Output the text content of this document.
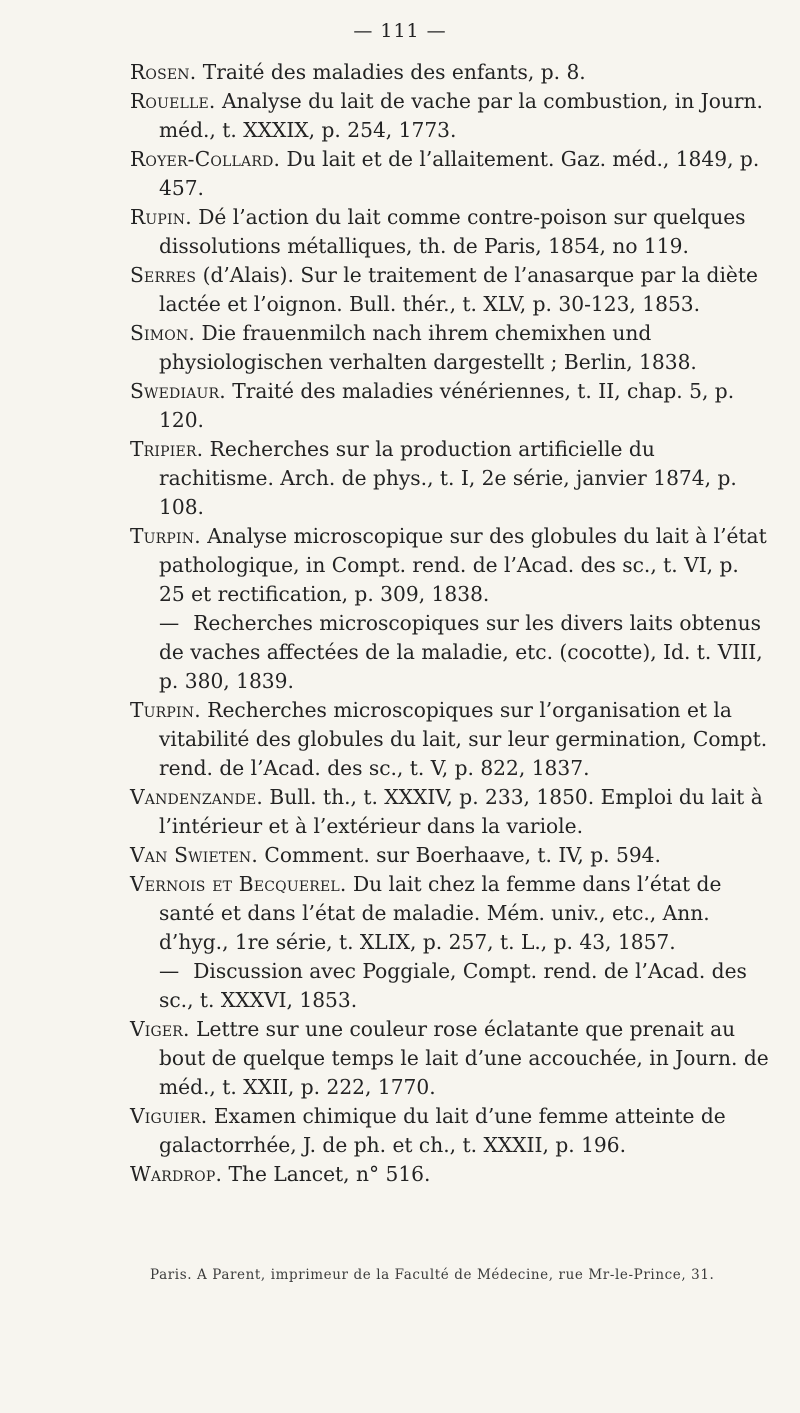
— 111 —

Rosen. Traité des maladies des enfants, p. 8.

Rouelle. Analyse du lait de vache par la combustion, in Journ. méd., t. XXXIX, p. 254, 1773.

Royer-Collard. Du lait et de l’allaitement. Gaz. méd., 1849, p. 457.

Rupin. Dé l’action du lait comme contre-poison sur quelques dissolutions métalliques, th. de Paris, 1854, no 119.

Serres (d’Alais). Sur le traitement de l’anasarque par la diète lactée et l’oignon. Bull. thér., t. XLV, p. 30-123, 1853.

Simon. Die frauenmilch nach ihrem chemixhen und physiologischen verhalten dargestellt ; Berlin, 1838.

Swediaur. Traité des maladies vénériennes, t. II, chap. 5, p. 120.

Tripier. Recherches sur la production artificielle du rachitisme. Arch. de phys., t. I, 2e série, janvier 1874, p. 108.

Turpin. Analyse microscopique sur des globules du lait à l’état pathologique, in Compt. rend. de l’Acad. des sc., t. VI, p. 25 et rectification, p. 309, 1838.

— Recherches microscopiques sur les divers laits obtenus de vaches affectées de la maladie, etc. (cocotte), Id. t. VIII, p. 380, 1839.

Turpin. Recherches microscopiques sur l’organisation et la vitabilité des globules du lait, sur leur germination, Compt. rend. de l’Acad. des sc., t. V, p. 822, 1837.

Vandenzande. Bull. th., t. XXXIV, p. 233, 1850. Emploi du lait à l’intérieur et à l’extérieur dans la variole.

Van Swieten. Comment. sur Boerhaave, t. IV, p. 594.

Vernois et Becquerel. Du lait chez la femme dans l’état de santé et dans l’état de maladie. Mém. univ., etc., Ann. d’hyg., 1re série, t. XLIX, p. 257, t. L., p. 43, 1857.

— Discussion avec Poggiale, Compt. rend. de l’Acad. des sc., t. XXXVI, 1853.

Viger. Lettre sur une couleur rose éclatante que prenait au bout de quelque temps le lait d’une accouchée, in Journ. de méd., t. XXII, p. 222, 1770.

Viguier. Examen chimique du lait d’une femme atteinte de galactorrhée, J. de ph. et ch., t. XXXII, p. 196.

Wardrop. The Lancet, n° 516.

Paris. A Parent, imprimeur de la Faculté de Médecine, rue Mr-le-Prince, 31.
